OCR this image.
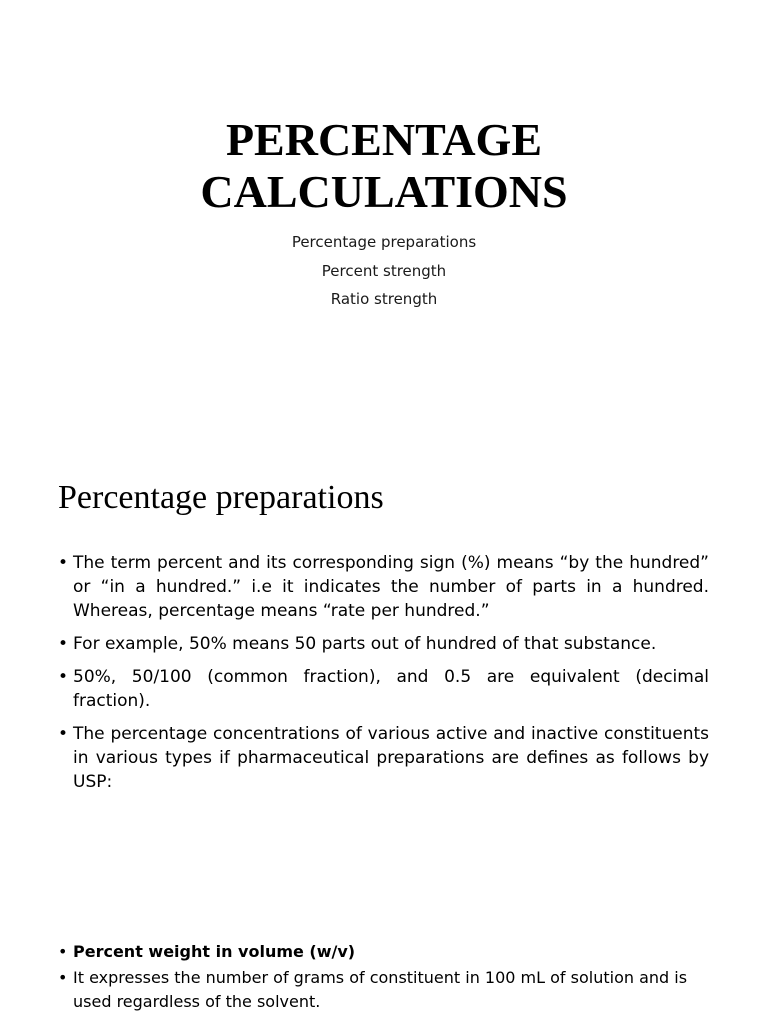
PERCENTAGE
CALCULATIONS
Percentage preparations
Percent strength
Ratio strength
Percentage preparations
• The term percent and its corresponding sign (%) means “by the hundred” or “in a hundred.” i.e it indicates the number of parts in a hundred. Whereas, percentage means “rate per hundred.”
• For example, 50% means 50 parts out of hundred of that substance.
• 50%, 50/100 (common fraction), and 0.5 are equivalent (decimal fraction).
• The percentage concentrations of various active and inactive constituents in various types if pharmaceutical preparations are defines as follows by USP:
• Percent weight in volume (w/v)
• It expresses the number of grams of constituent in 100 mL of solution and is used regardless of the solvent.
